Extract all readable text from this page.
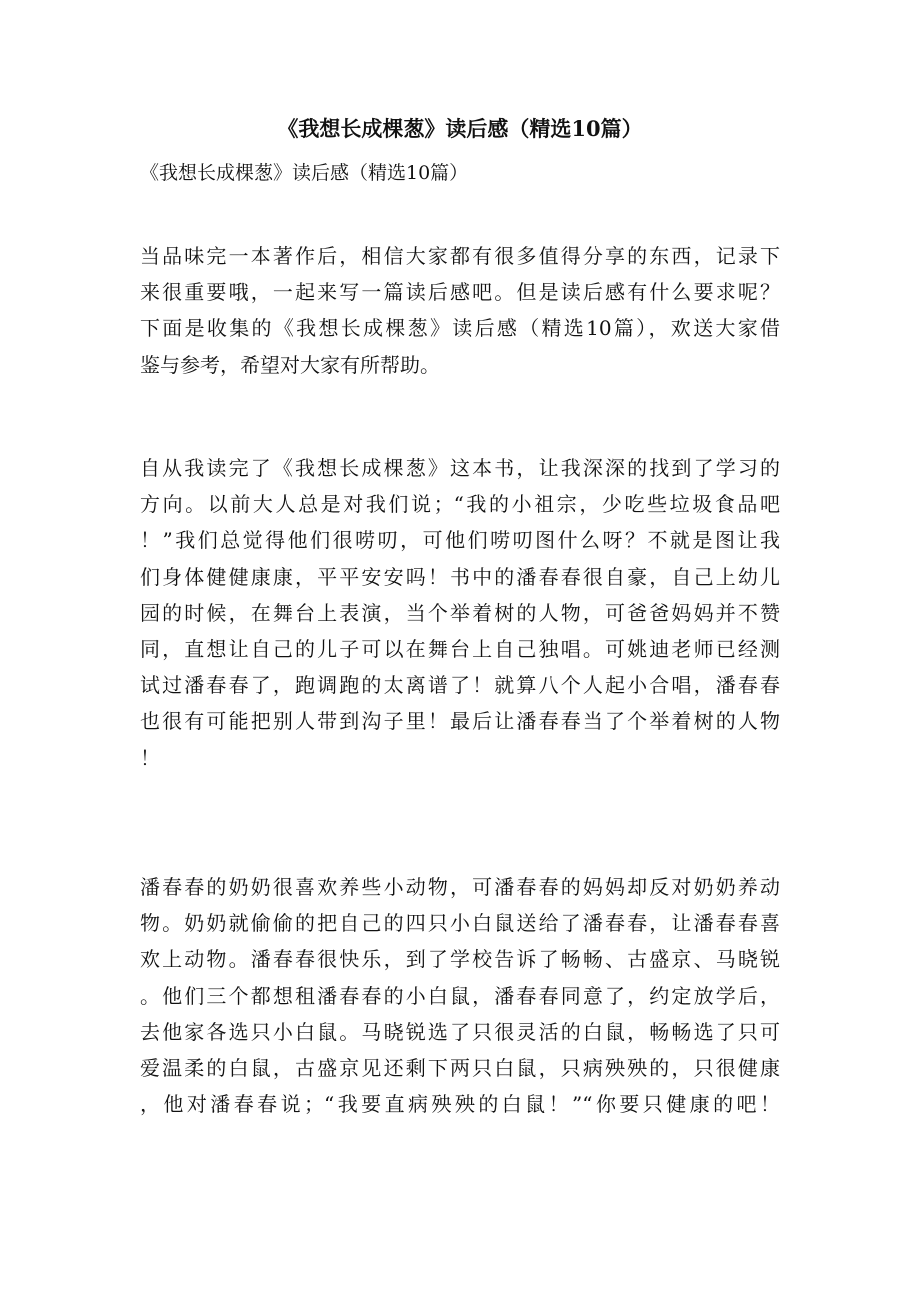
《我想长成棵葱》读后感（精选10篇）

《我想长成棵葱》读后感（精选10篇）

当品味完一本著作后，相信大家都有很多值得分享的东西，记录下
来很重要哦，一起来写一篇读后感吧。但是读后感有什么要求呢？
下面是收集的《我想长成棵葱》读后感（精选10篇），欢送大家借
鉴与参考，希望对大家有所帮助。
自从我读完了《我想长成棵葱》这本书，让我深深的找到了学习的
方向。以前大人总是对我们说；“我的小祖宗，少吃些垃圾食品吧
！”我们总觉得他们很唠叨，可他们唠叨图什么呀？不就是图让我
们身体健健康康，平平安安吗！书中的潘春春很自豪，自己上幼儿
园的时候，在舞台上表演，当个举着树的人物，可爸爸妈妈并不赞
同，直想让自己的儿子可以在舞台上自己独唱。可姚迪老师已经测
试过潘春春了，跑调跑的太离谱了！就算八个人起小合唱，潘春春
也很有可能把别人带到沟子里！最后让潘春春当了个举着树的人物
！
潘春春的奶奶很喜欢养些小动物，可潘春春的妈妈却反对奶奶养动
物。奶奶就偷偷的把自己的四只小白鼠送给了潘春春，让潘春春喜
欢上动物。潘春春很快乐，到了学校告诉了畅畅、古盛京、马晓锐
。他们三个都想租潘春春的小白鼠，潘春春同意了，约定放学后，
去他家各选只小白鼠。马晓锐选了只很灵活的白鼠，畅畅选了只可
爱温柔的白鼠，古盛京见还剩下两只白鼠，只病殃殃的，只很健康
，他对潘春春说；“我要直病殃殃的白鼠！”“你要只健康的吧！
